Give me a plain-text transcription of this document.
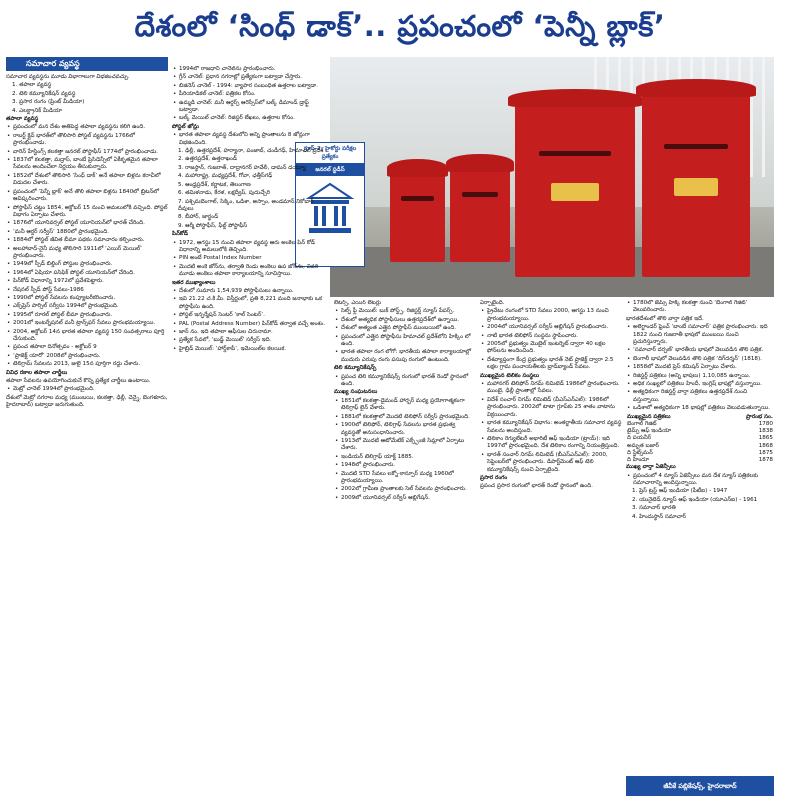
దేశంలో ‘సింధ్ డాక్’.. ప్రపంచంలో ‘పెన్నీ బ్లాక్’
సమాచార వ్యవస్థ
గ్రూప్-2, హైకోర్టు పరీక్షల ప్రత్యేకం
జనరల్ స్టడీస్

సమాచార వ్యవస్థను మూడు విభాగాలుగా విభజించవచ్చు.

1. తపాలా వ్యవస్థ

2. టెలి కమ్యూనికేషన్ వ్యవస్థ

3. ప్రసార రంగం (ప్రింట్ మీడియా)

4. ఎలక్ట్రానిక్ మీడియా

తపాలా వ్యవస్థ

• ప్రపంచంలో మన దేశం అతిపెద్ద తపాలా వ్యవస్థను కలిగి ఉంది.

• రాబర్ట్ క్లైవ్ భారత్‌లో తొలిసారి పోస్టల్ వ్యవస్థను 1766లో ప్రారంభించాడు.

• వారెన్ హేస్టింగ్స్ కలకత్తా జనరల్ పోస్టాఫీస్ 1774లో ప్రారంభించాడు.

• 1837లో కలకత్తా, మద్రాస్, బాంబే ప్రెసిడెన్సీలో ఏకీకృతమైన తపాలా సేవలను అందించేలా నిర్ణయం తీసుకున్నారు.

• 1852లో దేశంలో తొలిసారి ‘సింధ్ డాక్’ అనే తపాలా బిళ్లను కరాచీలో విడుదల చేశారు.

• ప్రపంచంలో ‘పెన్నీ బ్లాక్’ అనే తొలి తపాలా బిళ్లను 1840లో బ్రిటన్‌లో ఆవిష్కరించారు.

• పోస్టాఫీస్ చట్టం 1854, అక్టోబర్ 15 నుంచి అమలులోకి వచ్చింది. పోస్టల్ విభాగం ఏర్పాటు చేశారు.

• 1876లో యూనివర్సల్ పోస్టల్ యూనియన్‌లో భారత్ చేరింది.

• ‘మనీ ఆర్డర్ సర్వీస్’ 1880లో ప్రారంభమైంది.

• 1884లో పోస్టల్ జీవిత బీమా పథకం సమాచారం కల్పించారు.

• అలహాబాద్-నైనీ మధ్య తొలిసారి 1911లో ‘ఎయిర్ మెయిల్’ ప్రారంభించారు.

• 1949లో స్పీడ్ బిల్డింగ్ పోస్టుల ప్రారంభించారు.

• 1964లో ఏషియా పసిఫిక్ పోస్టల్ యూనియన్‌లో చేరింది.

• పిన్‌కోడ్ విధానాన్ని 1972లో ప్రవేశపెట్టారు.

• నేషనల్ స్పీడ్ పోస్ట్ సేవలు-1986

• 1990లో పోస్టల్ సేవలను కంప్యూటరీకరించారు.

• ఎక్స్‌ప్రెస్ పార్సిల్ సర్వీసు 1994లో ప్రారంభమైంది.

• 1995లో రూరల్ పోస్టల్ బీమా ప్రారంభించారు.

• 2001లో ఇంటర్నేషనల్ మనీ ట్రాన్స్‌ఫర్ సేవలు ప్రారంభమయ్యాయి.

• 2004, అక్టోబర్ 14న భారత తపాలా వ్యవస్థ 150 సంవత్సరాలు పూర్తి చేసుకుంది.

• ప్రపంచ తపాలా దినోత్సవం - అక్టోబర్ 9

• ‘ప్రాజెక్ట్ యారో’ 2008లో ప్రారంభించారు.

• టెలిగ్రామ్ సేవలను 2013, జులై 15న పూర్తిగా రద్దు చేశారు.

వివిధ రకాల తపాలా చార్జీలు

తపాలా సేవలను ఉపయోగించుకునే కొన్ని ప్రత్యేక చార్జీలు ఉంటాయి.

• మెట్రో చానెల్ 1994లో ప్రారంభమైంది.

దేశంలో మెట్రో నగరాల మధ్య (ముంబయి, కలకత్తా, ఢిల్లీ, చెన్నై, బెంగళూరు, హైదరాబాద్) బట్వాడా జరుగుతుంది.

• 1994లో రాజధాని చానెల్‌ను ప్రారంభించారు.

• గ్రీన్ చానెల్: ప్రధాన నగరాల్లో ప్రత్యేకంగా బట్వాడా చేస్తారు.

• బిజినెస్ చానెల్ - 1994: వ్యాపార సంబంధిత ఉత్తరాల బట్వాడా.

• పీరియాడికల్ చానెల్: పత్రికల కోసం.

• ఉమ్మడి చానెల్: మనీ ఆర్డర్స్ ఆరెస్సేస్‌లో బల్క్ డిమాండ్ డ్రాఫ్ట్ బట్వాడా.

• బల్క్ మెయిల్ చానెల్: రిజిస్టర్ లేఖలు, ఉత్తరాల కోసం.

పోస్టల్ జోన్లు

• భారత తపాలా వ్యవస్థ దేశంలోని అన్ని ప్రాంతాలను 8 జోన్లుగా విభజించింది.

1. ఢిల్లీ, ఉత్తరప్రదేశ్, హర్యానా, పంజాబ్, చండీగఢ్, హిమాచల్ ప్రదేశ్

2. ఉత్తరప్రదేశ్, ఉత్తరాఖండ్

3. రాజస్థాన్, గుజరాత్, దాద్రానగర్ హవేలీ, డామన్ డయ్యూ

4. మహారాష్ట్ర, మధ్యప్రదేశ్, గోవా, ఛత్తీస్‌గఢ్

5. ఆంధ్రప్రదేశ్, కర్ణాటక, తెలంగాణ

6. తమిళనాడు, కేరళ, లక్షద్వీప్, పుదుచ్చేరి

7. పశ్చిమబెంగాల్, సిక్కిం, ఒడిశా, అస్సాం, అండమాన్ నికోబార్ దీవులు

8. బీహార్, జార్ఖండ్

9. ఆర్మీ పోస్టాఫీస్, ఫీల్డ్ పోస్టాఫీస్

పిన్‌కోడ్

• 1972, ఆగస్టు 15 నుంచి తపాలా వ్యవస్థ ఆరు అంకెల పిన్ కోడ్ విధానాన్ని అమలులోకి తెచ్చింది.

• PIN అంటే Postal Index Number

• మొదటి అంకె జోన్‌ను, తర్వాతి రెండు అంకెలు ఉప జోన్‌ను, చివరి మూడు అంకెలు తపాలా కార్యాలయాన్ని సూచిస్తాయి.

ఇతర ముఖ్యాంశాలు

• దేశంలో సుమారు 1,54,939 పోస్టాఫీసులు ఉన్నాయి.

• ఇవి 21.22 చ.కి.మీ. విస్తీర్ణంలో, ప్రతి 8,221 మంది జనాభాకు ఒక పోస్టాఫీసు ఉంది.

• పోస్టల్ ఇన్ఫర్మేషన్ సెంటర్ ‘కాల్ సెంటర్’.

• PAL (Postal Address Number) పిన్‌కోడ్ తర్వాత వచ్చే అంశం.

• జాన్ నం. ఇది తపాలా ఆఫీసుల చిరునామా.

• ప్రత్యేక సేవలో, ‘బుడ్జ్ మెయిల్’ సర్వీస్ ఇది.

• హైబ్రిడ్ మెయిల్: ‘హార్డ్‌కాపీ’, ఇమెయిల్‌ల కలయిక.

లెటర్స్, ఎయిర్ లెటర్లు

• సెల్ఫ్ ఫ్లీ మెయిల్: బుక్ పోస్ట్స్, రిజిస్టర్డ్ న్యూస్ పేపర్స్.

• దేశంలో అత్యధిక పోస్టాఫీసులు ఉత్తరప్రదేశ్‌లో ఉన్నాయి.

• దేశంలో అత్యంత ఎత్తైన పోస్టాఫీస్ ముంబయిలో ఉంది.

• ప్రపంచంలో ఎత్తైన పోస్టాఫీసు హిమాచల్ ప్రదేశ్‌లోని హిక్కిం లో ఉంది.

• భారత తపాలా రంగ లోగో: భారతీయ తపాలా కార్యాలయాల్లో ముదురు ఎరుపు రంగు పసుపు రంగులో ఉంటుంది.

టెలి కమ్యూనికేషన్స్

• ప్రపంచ టెలి కమ్యూనికేషన్స్ రంగంలో భారత్ రెండో స్థానంలో ఉంది.

ముఖ్య సంఘటనలు

• 1851లో కలకత్తా-డైమండ్ హార్బర్ మధ్య ప్రయోగాత్మకంగా టెలిగ్రాఫ్ లైన్ వేశారు.

• 1881లో కలకత్తాలో మొదటి టెలిఫోన్ సర్వీస్ ప్రారంభమైంది.

• 1900లో టెలిఫోన్, టెలిగ్రాఫ్ సేవలను భారత ప్రభుత్వ వ్యవస్థతో అనుసంధానించారు.

• 1913లో మొదటి ఆటోమేటిక్ ఎక్స్ఛేంజీ సిమ్లాలో ఏర్పాటు చేశారు.

• ఇండియన్ టెలిగ్రాఫ్ యాక్ట్ 1885.

• 1948లో ప్రారంభించారు.

• మొదటి STD సేవలు లక్నో-కాన్పూర్ మధ్య 1960లో ప్రారంభమయ్యాయి.

• 2002లో గ్రామీణ ప్రాంతాలకు సెల్ సేవలను ప్రారంభించారు.

• 2009లో యూనివర్సల్ సర్వీస్ ఆబ్లిగేషన్.

ఏర్పాటైంది.

• ప్రైవేటు రంగంలో STD సేవలు 2000, ఆగస్టు 13 నుంచి ప్రారంభమయ్యాయి.

• 2004లో యూనివర్సల్ సర్వీస్ ఆబ్లిగేషన్ ప్రారంభించారు.

• నాటి భారత టెలిఫోన్ సంస్థను స్థాపించారు.

• 2005లో ప్రభుత్వం మొబైల్ ఇంటర్నెట్ ద్వారా 40 లక్షల ఫోన్‌లను అందించింది.

• దేశవ్యాప్తంగా కేంద్ర ప్రభుత్వం భారత్ నెట్ ప్రాజెక్ట్ ద్వారా 2.5 లక్షల గ్రామ పంచాయతీలకు బ్రాడ్‌బ్యాండ్ సేవలు.

ముఖ్యమైన టెలికం సంస్థలు

• మహానగర్ టెలిఫోన్ నిగమ్ లిమిటెడ్ 1986లో ప్రారంభించారు. ముంబై, ఢిల్లీ ప్రాంతాల్లో సేవలు.

• విదేశ్ సంచార్ నిగమ్ లిమిటెడ్ (వీఎస్ఎన్ఎల్): 1986లో ప్రారంభించారు. 2002లో టాటా గ్రూప్‌కు 25 శాతం వాటాను విక్రయించారు.

• భారత కమ్యూనికేషన్ విభాగం: అంతర్జాతీయ సమాచార వ్యవస్థ సేవలను అందిస్తుంది.

• టెలికాం రెగ్యులేటరీ అథారిటీ ఆఫ్ ఇండియా (ట్రాయ్): ఇది 1997లో ప్రారంభమైంది. దేశ టెలికాం రంగాన్ని నియంత్రిస్తుంది.

• భారత్ సంచార్ నిగమ్ లిమిటెడ్ (బీఎస్ఎన్ఎల్): 2000, సెప్టెంబర్‌లో ప్రారంభించారు. డిపార్ట్‌మెంట్ ఆఫ్ టెలి కమ్యూనికేషన్స్ నుంచి ఏర్పాటైంది.

ప్రసార రంగం

ప్రపంచ ప్రసార రంగంలో భారత్ రెండో స్థానంలో ఉంది.

• 1780లో జేమ్స్ హిక్కీ కలకత్తా నుంచి ‘బెంగాల్ గెజిట్’ వెలువరించారు.

భారతదేశంలో తొలి వార్తా పత్రిక ఇదే.

• అలెగ్జాండర్ ఫ్రెంచ్ ‘బాంబే సమాచార్’ పత్రిక ప్రారంభించారు. ఇది 1822 నుంచి గుజరాతీ భాషలో ముంబయి నుంచి ప్రచురిస్తున్నారు.

• ‘సమాచార్ దర్పణ్’ భారతీయ భాషలో వెలువడిన తొలి పత్రిక.

• బెంగాలీ భాషలో వెలువడిన తొలి పత్రిక ‘దిగ్‌దర్శన్’ (1818).

• 1858లో మొదటి ప్రెస్ కమిషన్ ఏర్పాటు చేశారు.

• రిజిస్టర్డ్ పత్రికలు (అన్ని భాషలు) 1,10,085 ఉన్నాయి.

• అధిక సంఖ్యలో పత్రికలు హిందీ, ఇంగ్లిష్ భాషల్లో వస్తున్నాయి.

• అత్యధికంగా రిజిస్టర్డ్ వార్తా పత్రికలు ఉత్తరప్రదేశ్ నుంచి వస్తున్నాయి.

• ఒడిశాలో అత్యధికంగా 18 భాషల్లో పత్రికలు వెలువడుతున్నాయి.

ముఖ్యమైన పత్రికలు	ప్రారంభ సం.
బెంగాల్ గెజిట్	1780
టైమ్స్ ఆఫ్ ఇండియా	1838
ది పయనీర్	1865
అమృత బజార్	1868
ది స్టేట్స్‌మన్	1875
ది హిందూ	1878

ముఖ్య వార్తా ఏజెన్సీలు

• ప్రపంచంలో 4 న్యూస్ ఏజెన్సీలు మన దేశ న్యూస్ పత్రికలకు సమాచారాన్ని అందిస్తున్నాయి.

1. ప్రెస్ ట్రస్ట్ ఆఫ్ ఇండియా (పీటీఐ) - 1947

2. యునైటెడ్ న్యూస్ ఆఫ్ ఇండియా (యూఎన్ఐ) - 1961

3. సమాచార్ భారతి

4. హిందుస్థాన్ సమాచార్

జీవీకే పబ్లికేషన్స్, హైదరాబాద్
